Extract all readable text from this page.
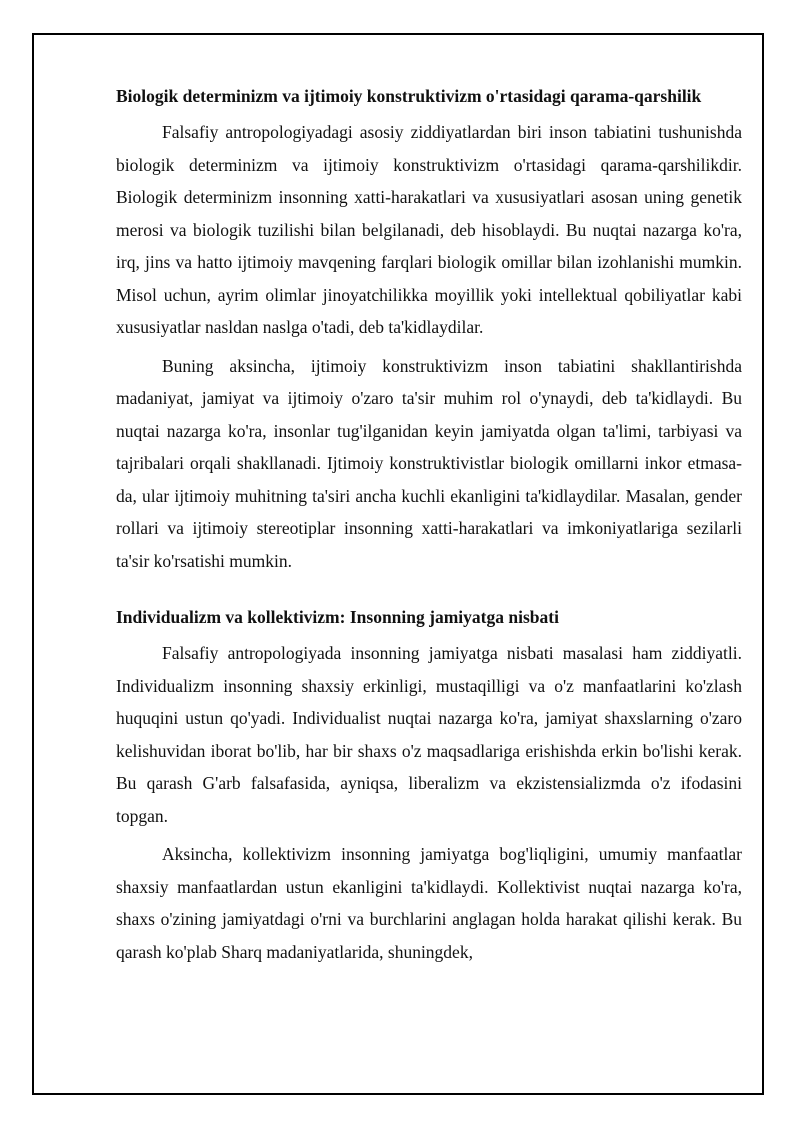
Biologik determinizm va ijtimoiy konstruktivizm o'rtasidagi qarama-qarshilik

Falsafiy antropologiyadagi asosiy ziddiyatlardan biri inson tabiatini tushunishda biologik determinizm va ijtimoiy konstruktivizm o'rtasidagi qarama-qarshilikdir. Biologik determinizm insonning xatti-harakatlari va xususiyatlari asosan uning genetik merosi va biologik tuzilishi bilan belgilanadi, deb hisoblaydi. Bu nuqtai nazarga ko'ra, irq, jins va hatto ijtimoiy mavqening farqlari biologik omillar bilan izohlanishi mumkin. Misol uchun, ayrim olimlar jinoyatchilikka moyillik yoki intellektual qobiliyatlar kabi xususiyatlar nasldan naslga o'tadi, deb ta'kidlaydilar.

Buning aksincha, ijtimoiy konstruktivizm inson tabiatini shakllantirishda madaniyat, jamiyat va ijtimoiy o'zaro ta'sir muhim rol o'ynaydi, deb ta'kidlaydi. Bu nuqtai nazarga ko'ra, insonlar tug'ilganidan keyin jamiyatda olgan ta'limi, tarbiyasi va tajribalari orqali shakllanadi. Ijtimoiy konstruktivistlar biologik omillarni inkor etmasa-da, ular ijtimoiy muhitning ta'siri ancha kuchli ekanligini ta'kidlaydilar. Masalan, gender rollari va ijtimoiy stereotiplar insonning xatti-harakatlari va imkoniyatlariga sezilarli ta'sir ko'rsatishi mumkin.

Individualizm va kollektivizm: Insonning jamiyatga nisbati

Falsafiy antropologiyada insonning jamiyatga nisbati masalasi ham ziddiyatli. Individualizm insonning shaxsiy erkinligi, mustaqilligi va o'z manfaatlarini ko'zlash huquqini ustun qo'yadi. Individualist nuqtai nazarga ko'ra, jamiyat shaxslarning o'zaro kelishuvidan iborat bo'lib, har bir shaxs o'z maqsadlariga erishishda erkin bo'lishi kerak. Bu qarash G'arb falsafasida, ayniqsa, liberalizm va ekzistensializmda o'z ifodasini topgan.

Aksincha, kollektivizm insonning jamiyatga bog'liqligini, umumiy manfaatlar shaxsiy manfaatlardan ustun ekanligini ta'kidlaydi. Kollektivist nuqtai nazarga ko'ra, shaxs o'zining jamiyatdagi o'rni va burchlarini anglagan holda harakat qilishi kerak. Bu qarash ko'plab Sharq madaniyatlarida, shuningdek,
